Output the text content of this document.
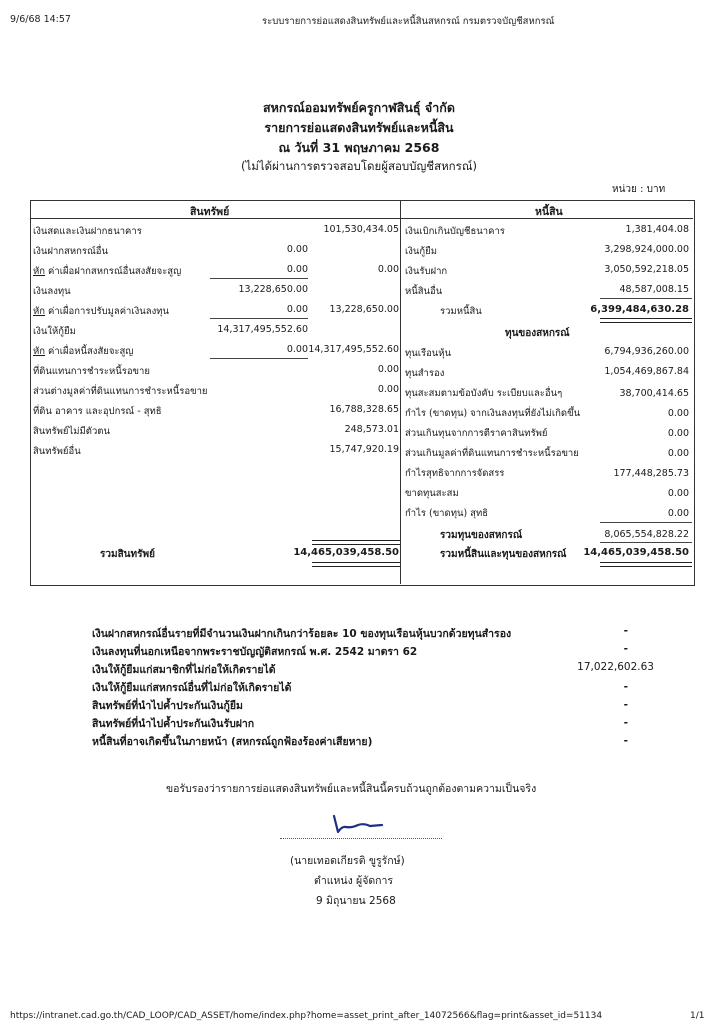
9/6/68 14:57	ระบบรายการย่อแสดงสินทรัพย์และหนี้สินสหกรณ์ กรมตรวจบัญชีสหกรณ์
สหกรณ์ออมทรัพย์ครูกาฬสินธุ์ จำกัด
รายการย่อแสดงสินทรัพย์และหนี้สิน
ณ วันที่ 31 พฤษภาคม 2568
(ไม่ได้ผ่านการตรวจสอบโดยผู้สอบบัญชีสหกรณ์)
หน่วย : บาท
สินทรัพย์	หนี้สิน
เงินสดและเงินฝากธนาคาร	101,530,434.05
เงินฝากสหกรณ์อื่น	0.00
หัก ค่าเผื่อฝากสหกรณ์อื่นสงสัยจะสูญ	0.00	0.00
เงินลงทุน	13,228,650.00
หัก ค่าเผื่อการปรับมูลค่าเงินลงทุน	0.00 13,228,650.00
เงินให้กู้ยืม	14,317,495,552.60
หัก ค่าเผื่อหนี้สงสัยจะสูญ	0.00 14,317,495,552.60
ที่ดินแทนการชำระหนี้รอขาย	0.00
ส่วนต่างมูลค่าที่ดินแทนการชำระหนี้รอขาย	0.00
ที่ดิน อาคาร และอุปกรณ์ - สุทธิ	16,788,328.65
สินทรัพย์ไม่มีตัวตน	248,573.01
สินทรัพย์อื่น	15,747,920.19
รวมสินทรัพย์	14,465,039,458.50
เงินเบิกเกินบัญชีธนาคาร	1,381,404.08
เงินกู้ยืม	3,298,924,000.00
เงินรับฝาก	3,050,592,218.05
หนี้สินอื่น	48,587,008.15
รวมหนี้สิน	6,399,484,630.28
ทุนของสหกรณ์
ทุนเรือนหุ้น	6,794,936,260.00
ทุนสำรอง	1,054,469,867.84
ทุนสะสมตามข้อบังคับ ระเบียบและอื่นๆ	38,700,414.65
กำไร (ขาดทุน) จากเงินลงทุนที่ยังไม่เกิดขึ้น	0.00
ส่วนเกินทุนจากการตีราคาสินทรัพย์	0.00
ส่วนเกินมูลค่าที่ดินแทนการชำระหนี้รอขาย	0.00
กำไรสุทธิจากการจัดสรร	177,448,285.73
ขาดทุนสะสม	0.00
กำไร (ขาดทุน) สุทธิ	0.00
รวมทุนของสหกรณ์	8,065,554,828.22
รวมหนี้สินและทุนของสหกรณ์ 14,465,039,458.50
เงินฝากสหกรณ์อื่นรายที่มีจำนวนเงินฝากเกินกว่าร้อยละ 10 ของทุนเรือนหุ้นบวกด้วยทุนสำรอง	-
เงินลงทุนที่นอกเหนือจากพระราชบัญญัติสหกรณ์ พ.ศ. 2542 มาตรา 62	-
เงินให้กู้ยืมแก่สมาชิกที่ไม่ก่อให้เกิดรายได้	17,022,602.63
เงินให้กู้ยืมแก่สหกรณ์อื่นที่ไม่ก่อให้เกิดรายได้	-
สินทรัพย์ที่นำไปค้ำประกันเงินกู้ยืม	-
สินทรัพย์ที่นำไปค้ำประกันเงินรับฝาก	-
หนี้สินที่อาจเกิดขึ้นในภายหน้า (สหกรณ์ถูกฟ้องร้องค่าเสียหาย)	-
ขอรับรองว่ารายการย่อแสดงสินทรัพย์และหนี้สินนี้ครบถ้วนถูกต้องตามความเป็นจริง
(นายเทอดเกียรติ ขูรูรักษ์)
ตำแหน่ง ผู้จัดการ
9 มิถุนายน 2568
https://intranet.cad.go.th/CAD_LOOP/CAD_ASSET/home/index.php?home=asset_print_after_14072566&flag=print&asset_id=51134	1/1
